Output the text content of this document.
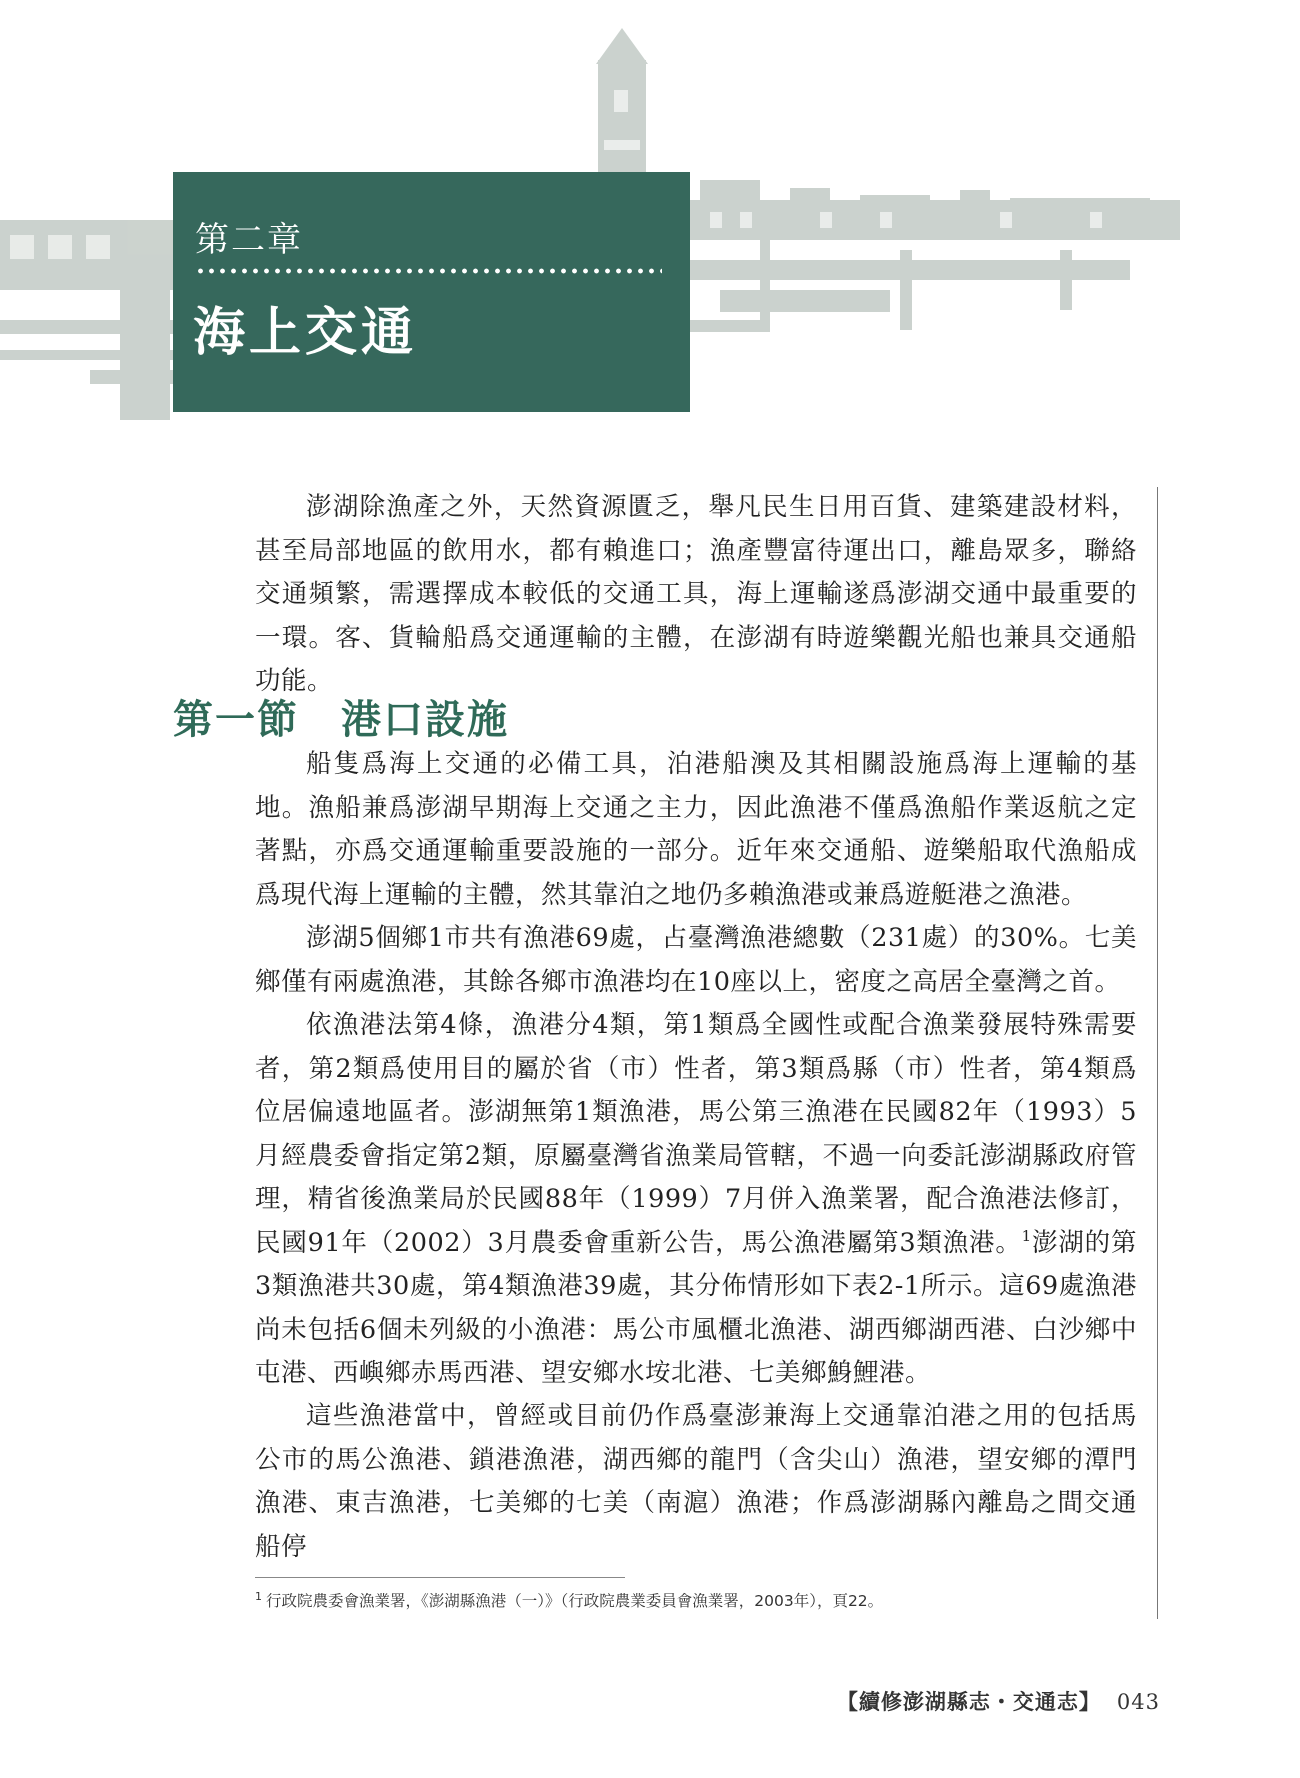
第二章
海上交通

澎湖除漁產之外，天然資源匱乏，舉凡民生日用百貨、建築建設材料，甚至局部地區的飲用水，都有賴進口；漁產豐富待運出口，離島眾多，聯絡交通頻繁，需選擇成本較低的交通工具，海上運輸遂爲澎湖交通中最重要的一環。客、貨輪船爲交通運輸的主體，在澎湖有時遊樂觀光船也兼具交通船功能。

第一節　港口設施

船隻爲海上交通的必備工具，泊港船澳及其相關設施爲海上運輸的基地。漁船兼爲澎湖早期海上交通之主力，因此漁港不僅爲漁船作業返航之定著點，亦爲交通運輸重要設施的一部分。近年來交通船、遊樂船取代漁船成爲現代海上運輸的主體，然其靠泊之地仍多賴漁港或兼爲遊艇港之漁港。

澎湖5個鄉1市共有漁港69處，占臺灣漁港總數（231處）的30%。七美鄉僅有兩處漁港，其餘各鄉市漁港均在10座以上，密度之高居全臺灣之首。

依漁港法第4條，漁港分4類，第1類爲全國性或配合漁業發展特殊需要者，第2類爲使用目的屬於省（市）性者，第3類爲縣（市）性者，第4類爲位居偏遠地區者。澎湖無第1類漁港，馬公第三漁港在民國82年（1993）5月經農委會指定第2類，原屬臺灣省漁業局管轄，不過一向委託澎湖縣政府管理，精省後漁業局於民國88年（1999）7月併入漁業署，配合漁港法修訂，民國91年（2002）3月農委會重新公告，馬公漁港屬第3類漁港。$^1$澎湖的第3類漁港共30處，第4類漁港39處，其分佈情形如下表2-1所示。這69處漁港尚未包括6個未列級的小漁港：馬公市風櫃北漁港、湖西鄉湖西港、白沙鄉中屯港、西嶼鄉赤馬西港、望安鄉水垵北港、七美鄉鯓鯉港。

這些漁港當中，曾經或目前仍作爲臺澎兼海上交通靠泊港之用的包括馬公市的馬公漁港、鎖港漁港，湖西鄉的龍門（含尖山）漁港，望安鄉的潭門漁港、東吉漁港，七美鄉的七美（南滬）漁港；作爲澎湖縣內離島之間交通船停

$^1$ 行政院農委會漁業署，《澎湖縣漁港（一）》（行政院農業委員會漁業署，2003年），頁22。
【續修澎湖縣志・交通志】 043
